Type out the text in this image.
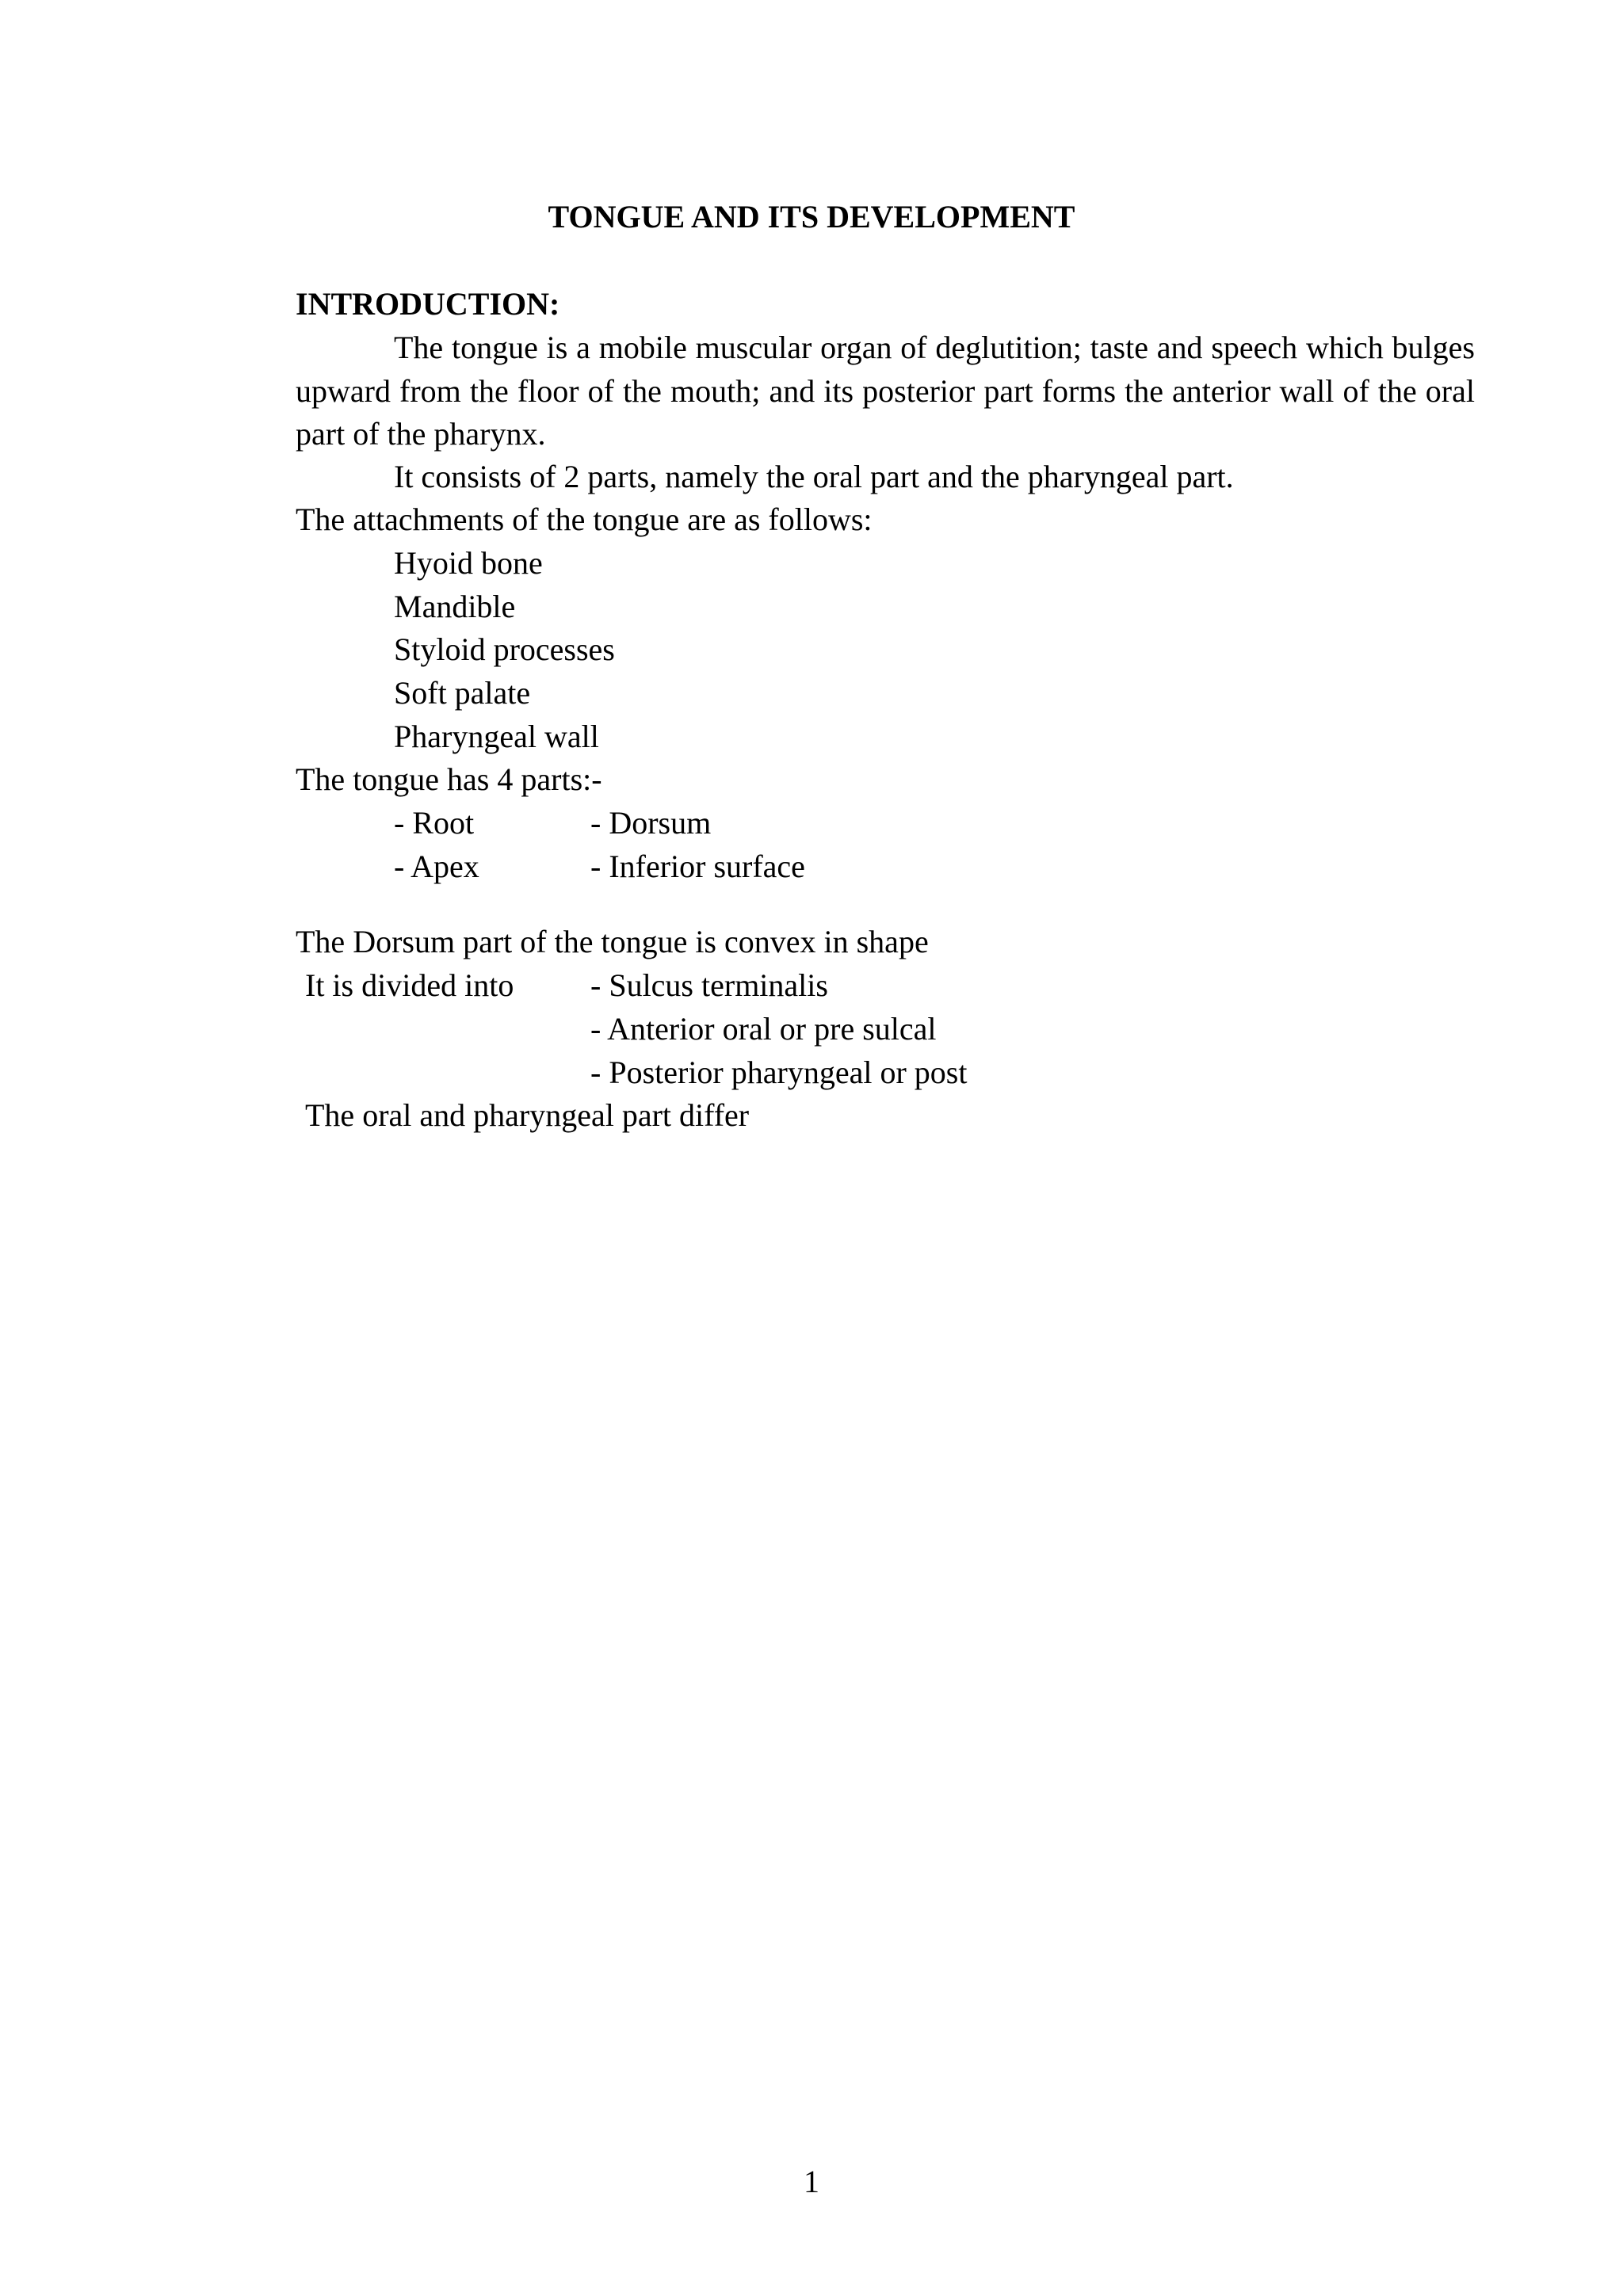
TONGUE AND ITS DEVELOPMENT
INTRODUCTION:

The tongue is a mobile muscular organ of deglutition; taste and speech which bulges upward from the floor of the mouth; and its posterior part forms the anterior wall of the oral part of the pharynx.

It consists of 2 parts, namely the oral part and the pharyngeal part.

The attachments of the tongue are as follows:

Hyoid bone

Mandible

Styloid processes

Soft palate

Pharyngeal wall

The tongue has 4 parts:-

- Root	- Dorsum

- Apex	- Inferior surface

The Dorsum part of the tongue is convex in shape

It is divided into - Sulcus terminalis

- Anterior oral or pre sulcal

- Posterior pharyngeal or post

The oral and pharyngeal part differ

1
